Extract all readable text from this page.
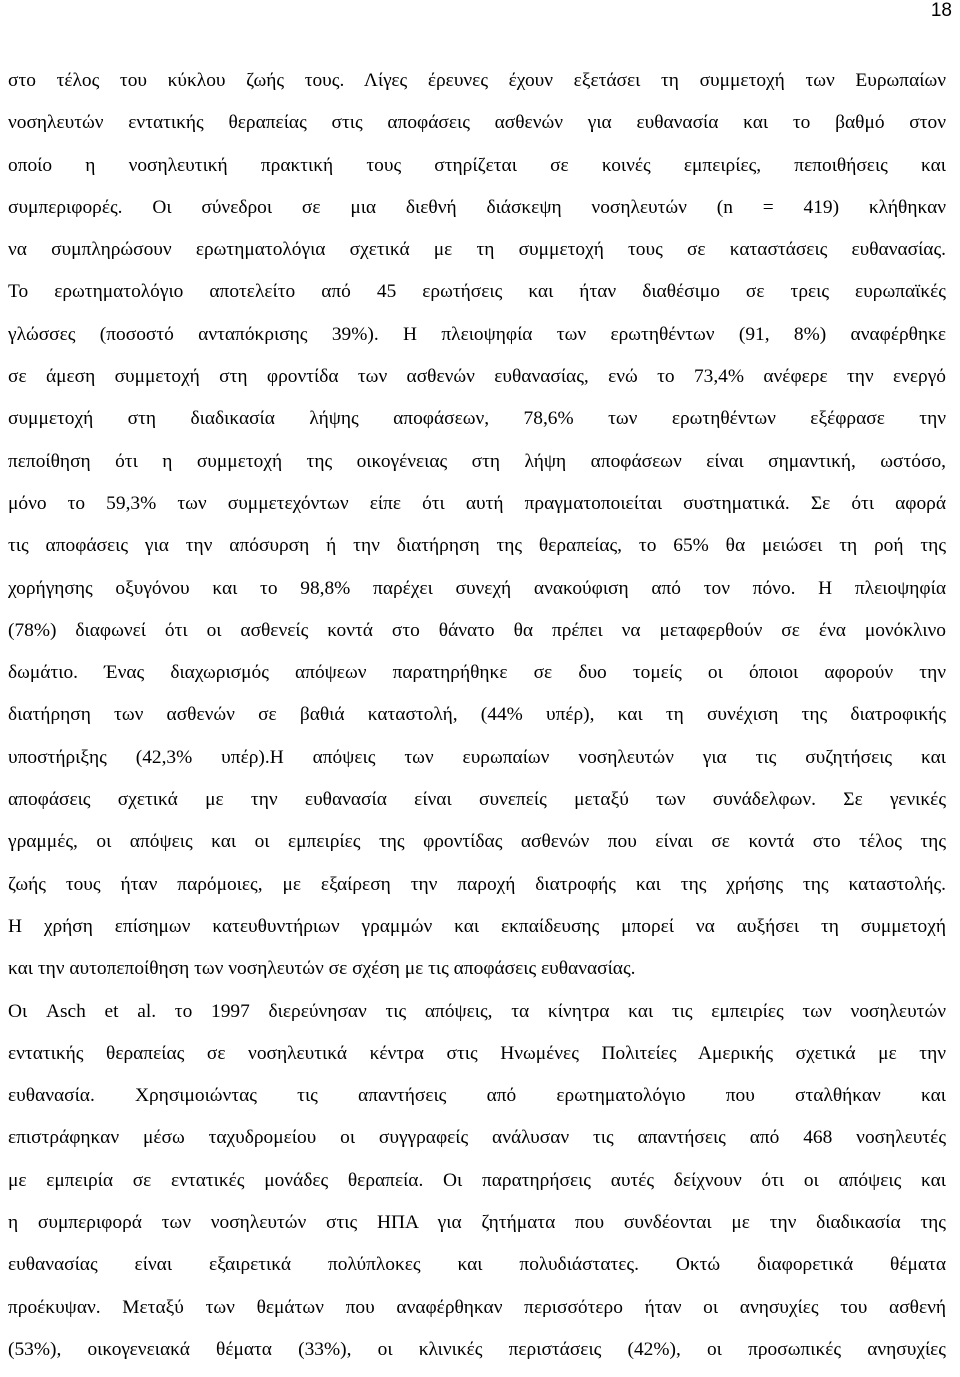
18
στο τέλος του κύκλου ζωής τους. Λίγες έρευνες έχουν εξετάσει τη συμμετοχή των Ευρωπαίων
νοσηλευτών εντατικής θεραπείας στις αποφάσεις ασθενών για ευθανασία και το βαθμό στον
οποίο η νοσηλευτική πρακτική τους στηρίζεται σε κοινές εμπειρίες, πεποιθήσεις και
συμπεριφορές. Οι σύνεδροι σε μια διεθνή διάσκεψη νοσηλευτών (n = 419) κλήθηκαν
να συμπληρώσουν ερωτηματολόγια σχετικά με τη συμμετοχή τους σε καταστάσεις ευθανασίας.
Το ερωτηματολόγιο αποτελείτο από 45 ερωτήσεις και ήταν διαθέσιμο σε τρεις ευρωπαϊκές
γλώσσες (ποσοστό ανταπόκρισης 39%). Η πλειοψηφία των ερωτηθέντων (91, 8%) αναφέρθηκε
σε άμεση συμμετοχή στη φροντίδα των ασθενών ευθανασίας, ενώ το 73,4% ανέφερε την ενεργό
συμμετοχή στη διαδικασία λήψης αποφάσεων, 78,6% των ερωτηθέντων εξέφρασε την
πεποίθηση ότι η συμμετοχή της οικογένειας στη λήψη αποφάσεων είναι σημαντική, ωστόσο,
μόνο το 59,3% των συμμετεχόντων είπε ότι αυτή πραγματοποιείται συστηματικά. Σε ότι αφορά
τις αποφάσεις για την απόσυρση ή την διατήρηση της θεραπείας, το 65% θα μειώσει τη ροή της
χορήγησης οξυγόνου και το 98,8% παρέχει συνεχή ανακούφιση από τον πόνο. Η πλειοψηφία
(78%) διαφωνεί ότι οι ασθενείς κοντά στο θάνατο θα πρέπει να μεταφερθούν σε ένα μονόκλινο
δωμάτιο. Ένας διαχωρισμός απόψεων παρατηρήθηκε σε δυο τομείς οι όποιοι αφορούν την
διατήρηση των ασθενών σε βαθιά καταστολή, (44% υπέρ), και τη συνέχιση της διατροφικής
υποστήριξης (42,3% υπέρ).Η απόψεις των ευρωπαίων νοσηλευτών για τις συζητήσεις και
αποφάσεις σχετικά με την ευθανασία είναι συνεπείς μεταξύ των συνάδελφων. Σε γενικές
γραμμές, οι απόψεις και οι εμπειρίες της φροντίδας ασθενών που είναι σε κοντά στο τέλος της
ζωής τους ήταν παρόμοιες, με εξαίρεση την παροχή διατροφής και της χρήσης της καταστολής.
Η χρήση επίσημων κατευθυντήριων γραμμών και εκπαίδευσης μπορεί να αυξήσει τη συμμετοχή
και την αυτοπεποίθηση των νοσηλευτών σε σχέση με τις αποφάσεις ευθανασίας.
Οι Asch et al. το 1997 διερεύνησαν τις απόψεις, τα κίνητρα και τις εμπειρίες των νοσηλευτών
εντατικής θεραπείας σε νοσηλευτικά κέντρα στις Ηνωμένες Πολιτείες Αμερικής σχετικά με την
ευθανασία. Χρησιμοιώντας τις απαντήσεις από ερωτηματολόγιο που σταλθήκαν και
επιστράφηκαν μέσω ταχυδρομείου οι συγγραφείς ανάλυσαν τις απαντήσεις από 468 νοσηλευτές
με εμπειρία σε εντατικές μονάδες θεραπεία. Οι παρατηρήσεις αυτές δείχνουν ότι οι απόψεις και
η συμπεριφορά των νοσηλευτών στις ΗΠΑ για ζητήματα που συνδέονται με την διαδικασία της
ευθανασίας είναι εξαιρετικά πολύπλοκες και πολυδιάστατες. Οκτώ διαφορετικά θέματα
προέκυψαν. Μεταξύ των θεμάτων που αναφέρθηκαν περισσότερο ήταν οι ανησυχίες του ασθενή
(53%), οικογενειακά θέματα (33%), οι κλινικές περιστάσεις (42%), οι προσωπικές ανησυχίες
